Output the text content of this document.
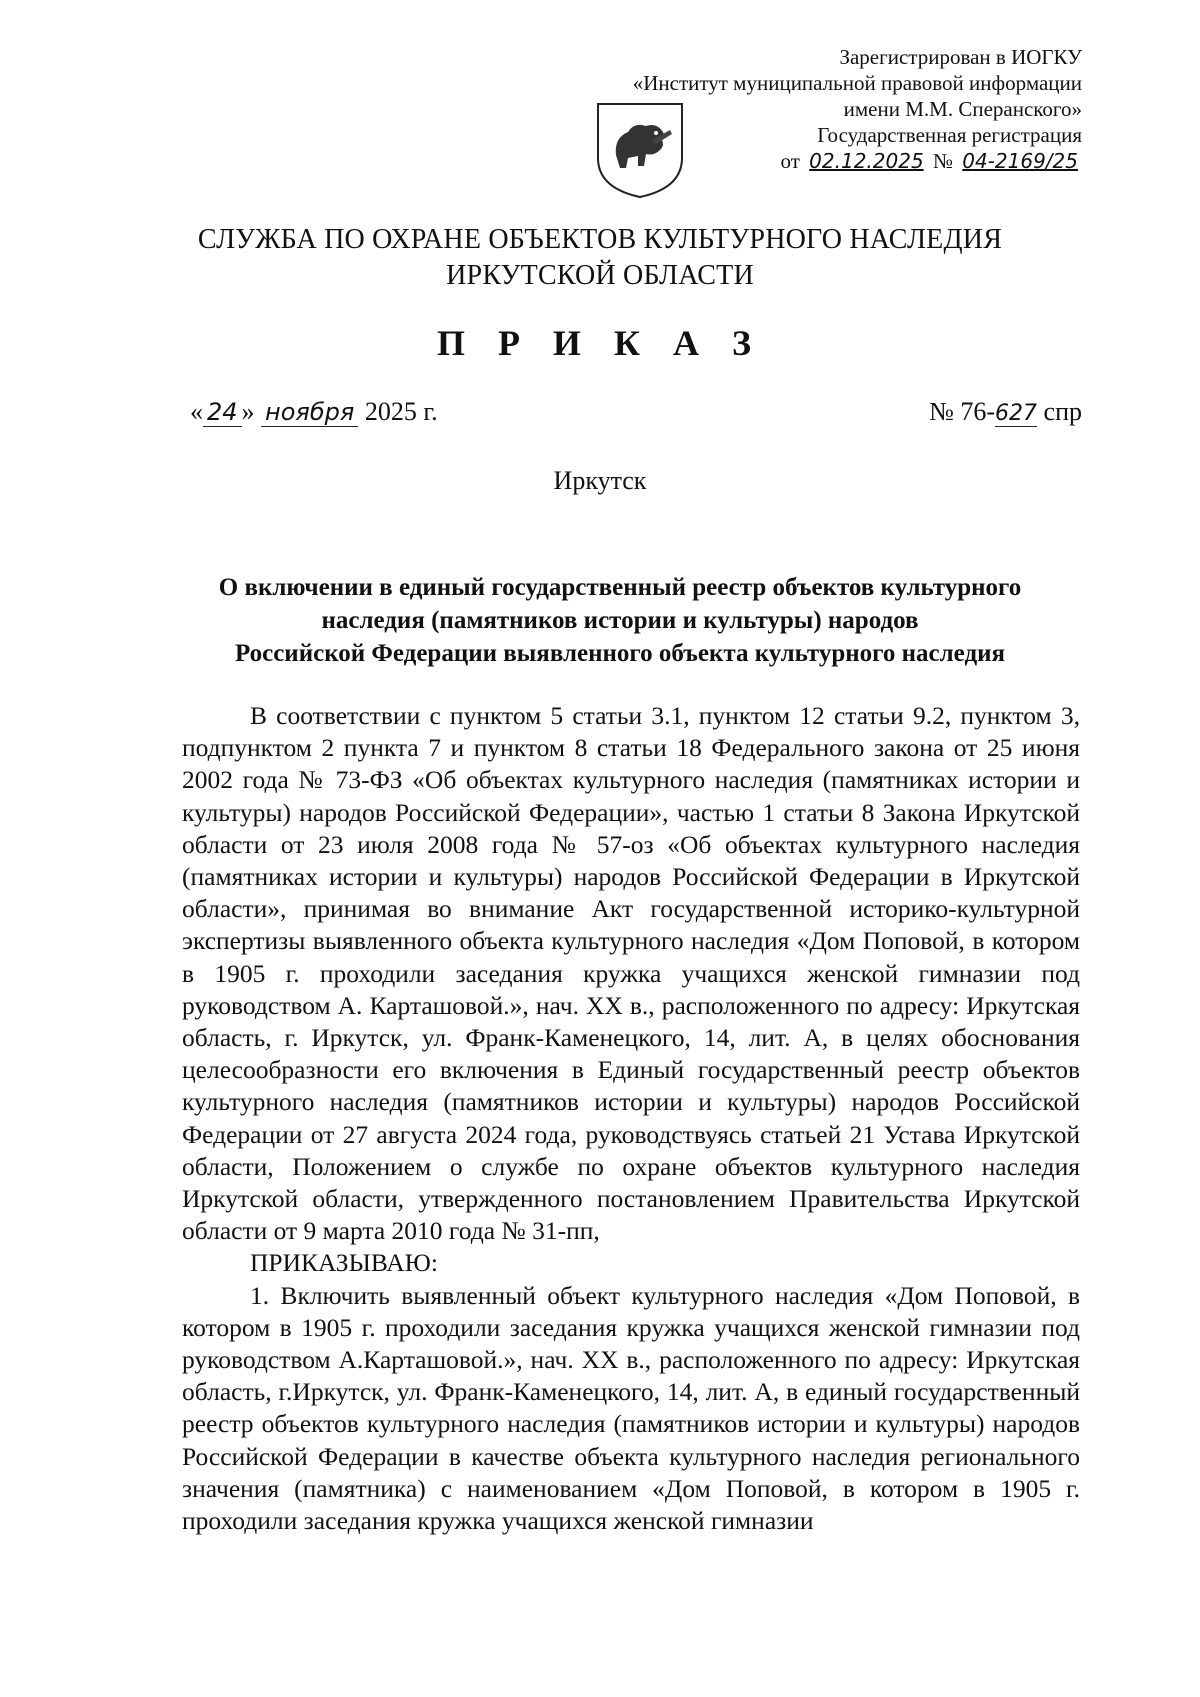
Зарегистрирован в ИОГКУ
«Институт муниципальной правовой информации
имени М.М. Сперанского»
Государственная регистрация
от 02.12.2025 № 04-2169/25
СЛУЖБА ПО ОХРАНЕ ОБЪЕКТОВ КУЛЬТУРНОГО НАСЛЕДИЯ
ИРКУТСКОЙ ОБЛАСТИ
П Р И К А З
« 24 » ноября 2025 г.	№ 76-627 спр
Иркутск
О включении в единый государственный реестр объектов культурного
наследия (памятников истории и культуры) народов
Российской Федерации выявленного объекта культурного наследия

В соответствии с пунктом 5 статьи 3.1, пунктом 12 статьи 9.2, пунктом 3, подпунктом 2 пункта 7 и пунктом 8 статьи 18 Федерального закона от 25 июня 2002 года № 73-ФЗ «Об объектах культурного наследия (памятниках истории и культуры) народов Российской Федерации», частью 1 статьи 8 Закона Иркутской области от 23 июля 2008 года № 57-оз «Об объектах культурного наследия (памятниках истории и культуры) народов Российской Федерации в Иркутской области», принимая во внимание Акт государственной историко-культурной экспертизы выявленного объекта культурного наследия «Дом Поповой, в котором в 1905 г. проходили заседания кружка учащихся женской гимназии под руководством А. Карташовой.», нач. XX в., расположенного по адресу: Иркутская область, г. Иркутск, ул. Франк-Каменецкого, 14, лит. А, в целях обоснования целесообразности его включения в Единый государственный реестр объектов культурного наследия (памятников истории и культуры) народов Российской Федерации от 27 августа 2024 года, руководствуясь статьей 21 Устава Иркутской области, Положением о службе по охране объектов культурного наследия Иркутской области, утвержденного постановлением Правительства Иркутской области от 9 марта 2010 года № 31-пп,

ПРИКАЗЫВАЮ:

1. Включить выявленный объект культурного наследия «Дом Поповой, в котором в 1905 г. проходили заседания кружка учащихся женской гимназии под руководством А.Карташовой.», нач. XX в., расположенного по адресу: Иркутская область, г.Иркутск, ул. Франк-Каменецкого, 14, лит. А, в единый государственный реестр объектов культурного наследия (памятников истории и культуры) народов Российской Федерации в качестве объекта культурного наследия регионального значения (памятника) с наименованием «Дом Поповой, в котором в 1905 г. проходили заседания кружка учащихся женской гимназии
